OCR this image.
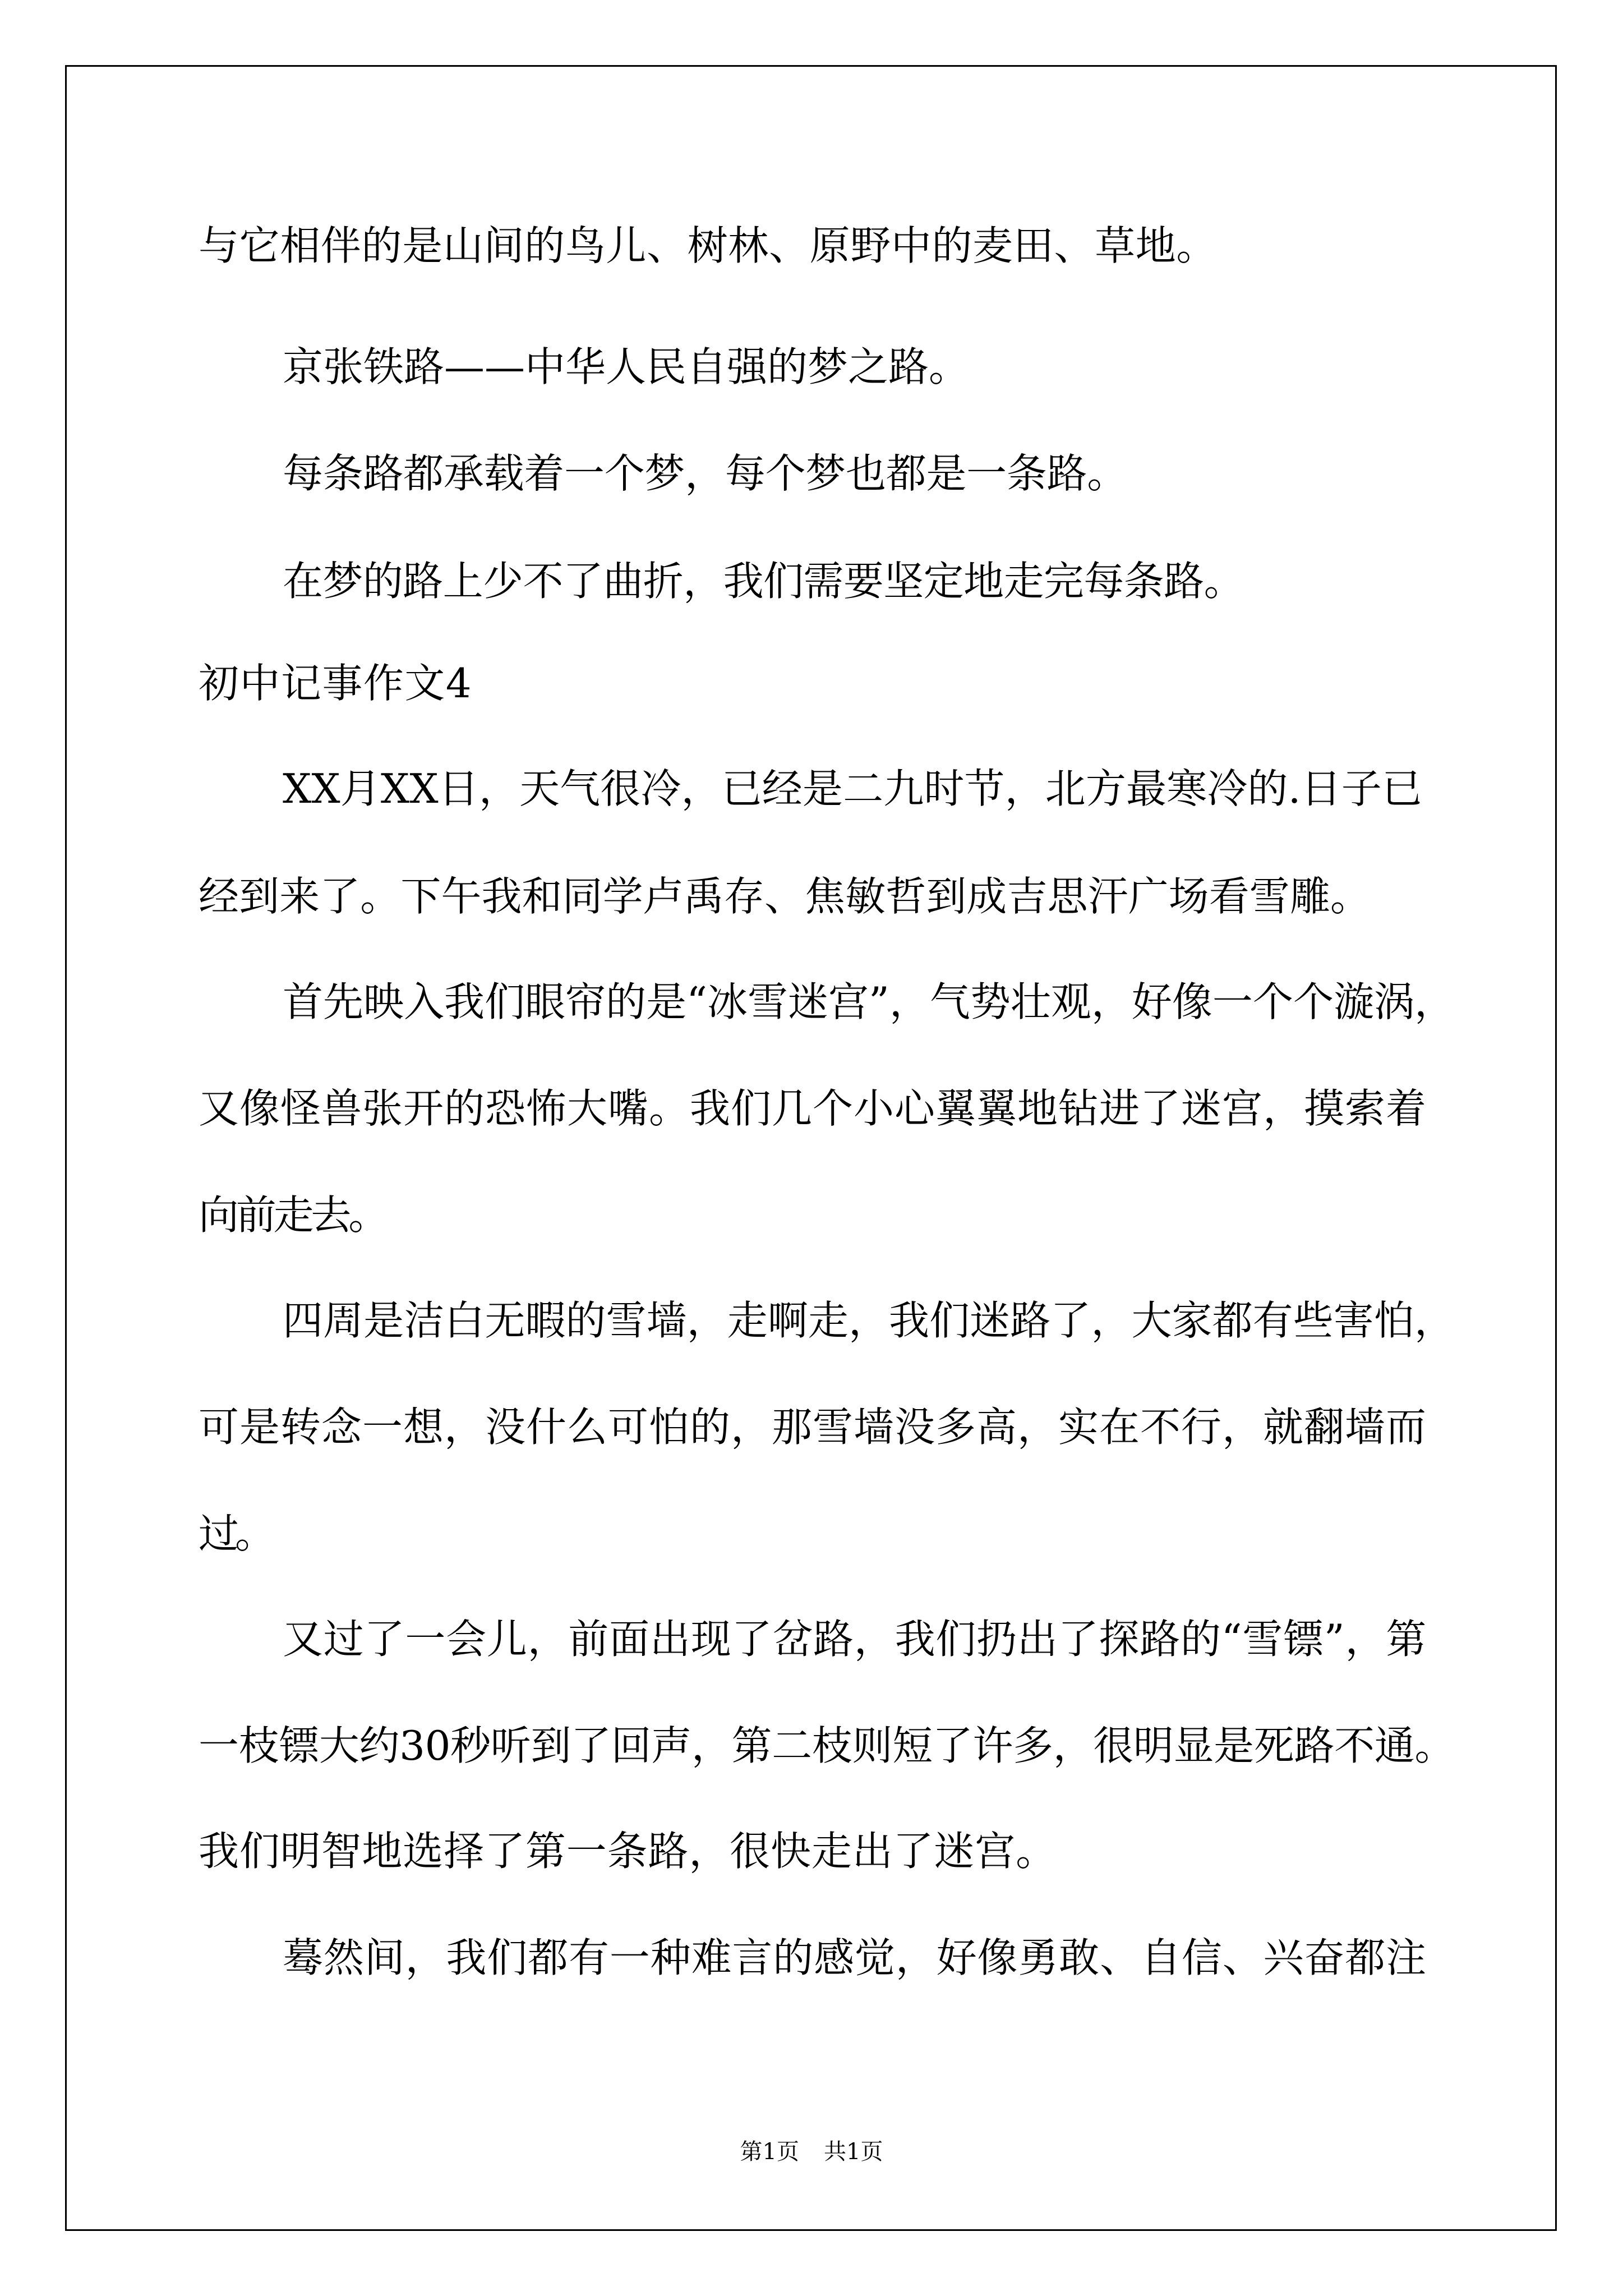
与它相伴的是山间的鸟儿、树林、原野中的麦田、草地。

京张铁路——中华人民自强的梦之路。

每条路都承载着一个梦，每个梦也都是一条路。

在梦的路上少不了曲折，我们需要坚定地走完每条路。

初中记事作文4

XX月XX日，天气很冷，已经是二九时节，北方最寒冷的.日子已

经到来了。下午我和同学卢禹存、焦敏哲到成吉思汗广场看雪雕。

首先映入我们眼帘的是“冰雪迷宫”，气势壮观，好像一个个漩涡，

又像怪兽张开的恐怖大嘴。我们几个小心翼翼地钻进了迷宫，摸索着

向前走去。

四周是洁白无暇的雪墙，走啊走，我们迷路了，大家都有些害怕，

可是转念一想，没什么可怕的，那雪墙没多高，实在不行，就翻墙而

过。

又过了一会儿，前面出现了岔路，我们扔出了探路的“雪镖”，第

一枝镖大约30秒听到了回声，第二枝则短了许多，很明显是死路不通。

我们明智地选择了第一条路，很快走出了迷宫。

蓦然间，我们都有一种难言的感觉，好像勇敢、自信、兴奋都注

第1页 共1页
